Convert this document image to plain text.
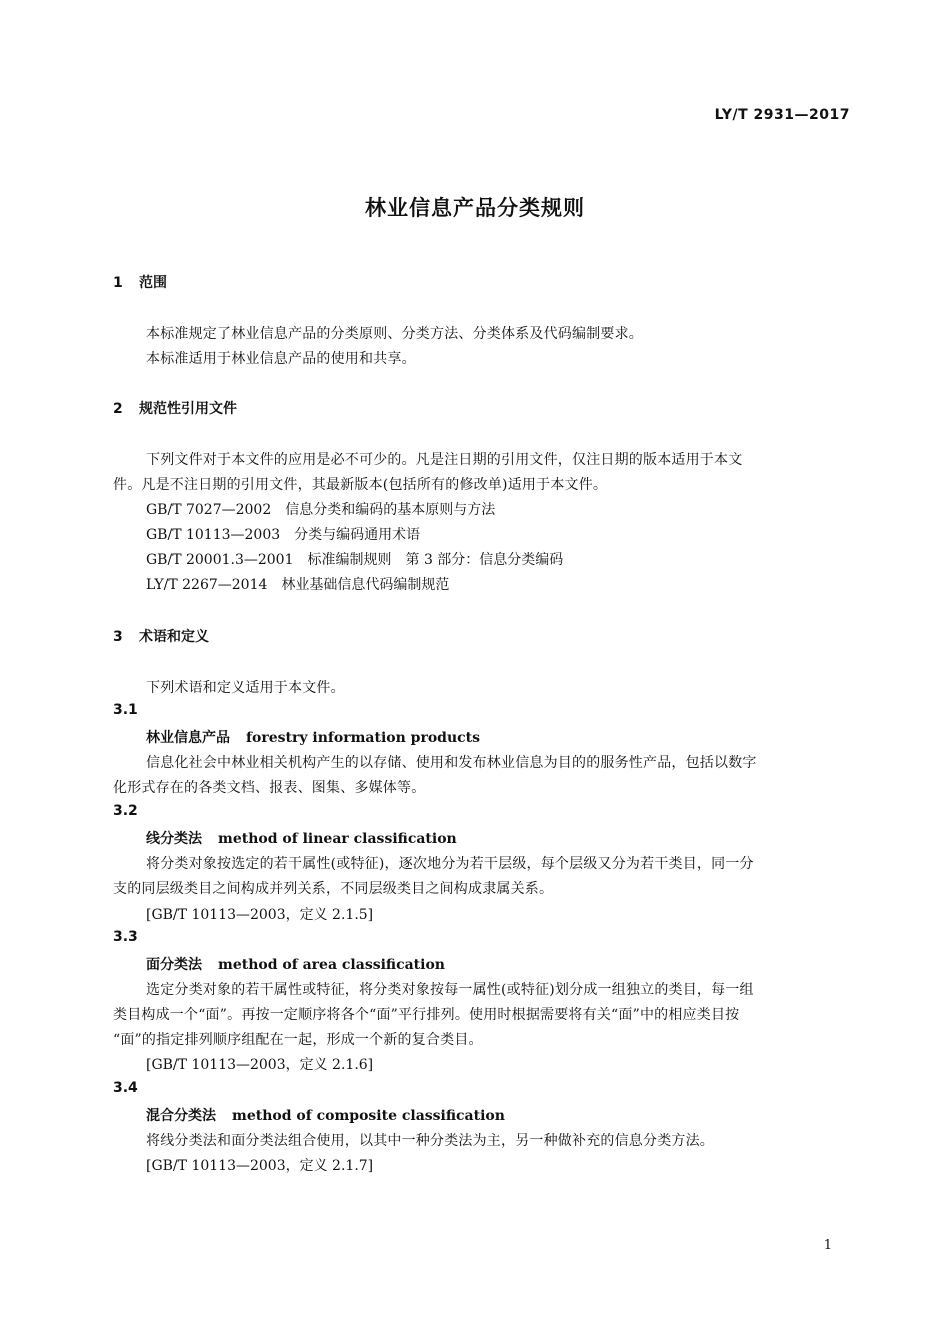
LY/T 2931—2017
林业信息产品分类规则
1 范围
本标准规定了林业信息产品的分类原则、分类方法、分类体系及代码编制要求。
本标准适用于林业信息产品的使用和共享。
2 规范性引用文件
下列文件对于本文件的应用是必不可少的。凡是注日期的引用文件，仅注日期的版本适用于本文
件。凡是不注日期的引用文件，其最新版本(包括所有的修改单)适用于本文件。
GB/T 7027—2002 信息分类和编码的基本原则与方法
GB/T 10113—2003 分类与编码通用术语
GB/T 20001.3—2001 标准编制规则　第 3 部分：信息分类编码
LY/T 2267—2014 林业基础信息代码编制规范
3 术语和定义
下列术语和定义适用于本文件。
3.1
林业信息产品 forestry information products
信息化社会中林业相关机构产生的以存储、使用和发布林业信息为目的的服务性产品，包括以数字
化形式存在的各类文档、报表、图集、多媒体等。
3.2
线分类法 method of linear classification
将分类对象按选定的若干属性(或特征)，逐次地分为若干层级，每个层级又分为若干类目，同一分
支的同层级类目之间构成并列关系，不同层级类目之间构成隶属关系。
[GB/T 10113—2003，定义 2.1.5]
3.3
面分类法 method of area classification
选定分类对象的若干属性或特征，将分类对象按每一属性(或特征)划分成一组独立的类目，每一组
类目构成一个“面”。再按一定顺序将各个“面”平行排列。使用时根据需要将有关“面”中的相应类目按
“面”的指定排列顺序组配在一起，形成一个新的复合类目。
[GB/T 10113—2003，定义 2.1.6]
3.4
混合分类法 method of composite classification
将线分类法和面分类法组合使用，以其中一种分类法为主，另一种做补充的信息分类方法。
[GB/T 10113—2003，定义 2.1.7]
1
